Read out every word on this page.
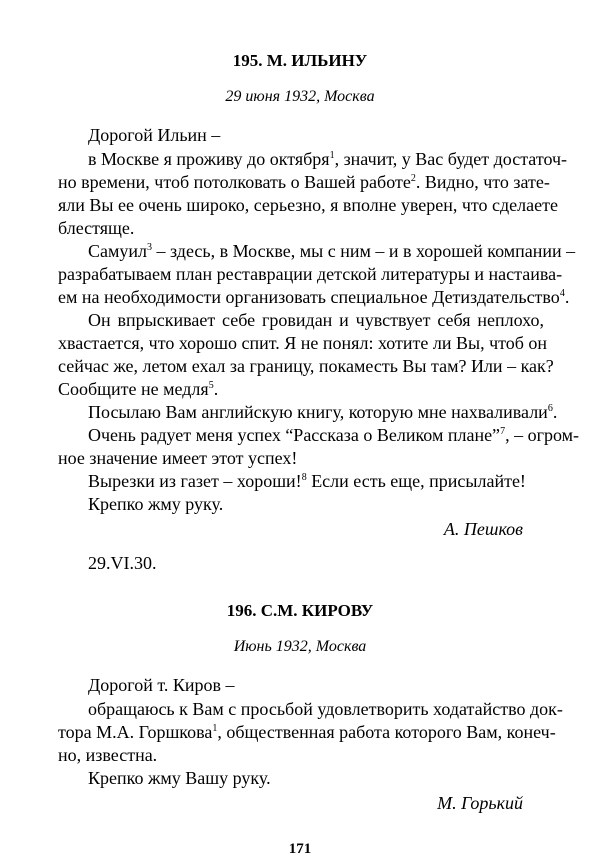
195. М. ИЛЬИНУ
29 июня 1932, Москва
Дорогой Ильин –
в Москве я проживу до октября$^1$, значит, у Вас будет достаточ-
но времени, чтоб потолковать о Вашей работе$^2$. Видно, что зате-
яли Вы ее очень широко, серьезно, я вполне уверен, что сделаете
блестяще.
Самуил$^3$ – здесь, в Москве, мы с ним – и в хорошей компании –
разрабатываем план реставрации детской литературы и настаива-
ем на необходимости организовать специальное Детиздательство$^4$.
Он впрыскивает себе гровидан и чувствует себя неплохо,
хвастается, что хорошо спит. Я не понял: хотите ли Вы, чтоб он
сейчас же, летом ехал за границу, покаместь Вы там? Или – как?
Сообщите не медля$^5$.
Посылаю Вам английскую книгу, которую мне нахваливали$^6$.
Очень радует меня успех “Рассказа о Великом плане”$^7$, – огром-
ное значение имеет этот успех!
Вырезки из газет – хороши!$^8$ Если есть еще, присылайте!
Крепко жму руку.
А. Пешков
29.VI.30.
196. С.М. КИРОВУ
Июнь 1932, Москва
Дорогой т. Киров –
обращаюсь к Вам с просьбой удовлетворить ходатайство док-
тора М.А. Горшкова$^1$, общественная работа которого Вам, конеч-
но, известна.
Крепко жму Вашу руку.
М. Горький
171
